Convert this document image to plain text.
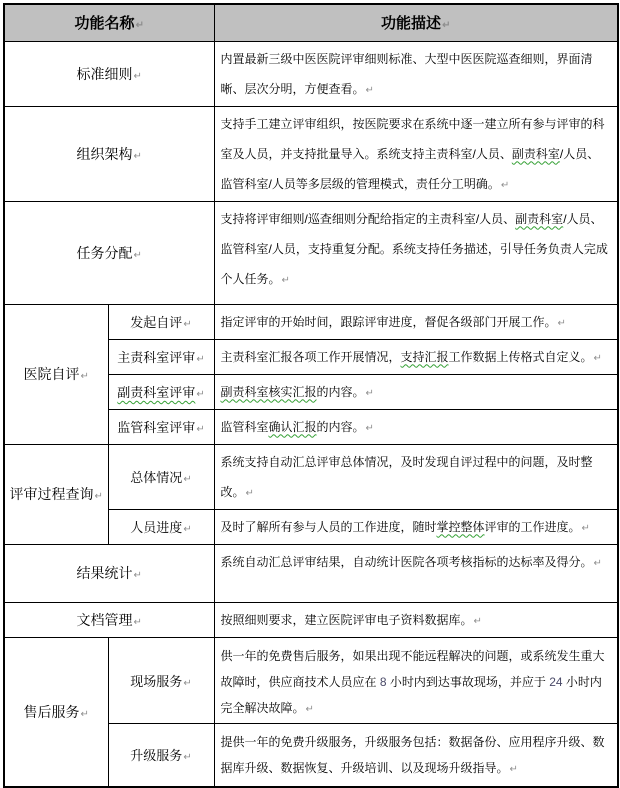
功能名称↵		功能描述↵
标准细则↵		内置最新三级中医医院评审细则标准、大型中医医院巡查细则，界面清晰、层次分明，方便查看。↵
组织架构↵		支持手工建立评审组织，按医院要求在系统中逐一建立所有参与评审的科室及人员，并支持批量导入。系统支持主责科室/人员、副责科室/人员、监管科室/人员等多层级的管理模式，责任分工明确。↵
任务分配↵		支持将评审细则/巡查细则分配给指定的主责科室/人员、副责科室/人员、监管科室/人员，支持重复分配。系统支持任务描述，引导任务负责人完成个人任务。↵
医院自评↵	发起自评↵	指定评审的开始时间，跟踪评审进度，督促各级部门开展工作。↵
	主责科室评审↵	主责科室汇报各项工作开展情况，支持汇报工作数据上传格式自定义。↵
	副责科室评审↵	副责科室核实汇报的内容。↵
	监管科室评审↵	监管科室确认汇报的内容。↵
评审过程查询↵	总体情况↵	系统支持自动汇总评审总体情况，及时发现自评过程中的问题，及时整改。↵
	人员进度↵	及时了解所有参与人员的工作进度，随时掌控整体评审的工作进度。↵
结果统计↵		系统自动汇总评审结果，自动统计医院各项考核指标的达标率及得分。↵
文档管理↵		按照细则要求，建立医院评审电子资料数据库。↵
售后服务↵	现场服务↵	供一年的免费售后服务，如果出现不能远程解决的问题，或系统发生重大故障时，供应商技术人员应在 8 小时内到达事故现场，并应于 24 小时内完全解决故障。↵
	升级服务↵	提供一年的免费升级服务，升级服务包括：数据备份、应用程序升级、数据库升级、数据恢复、升级培训、以及现场升级指导。↵
